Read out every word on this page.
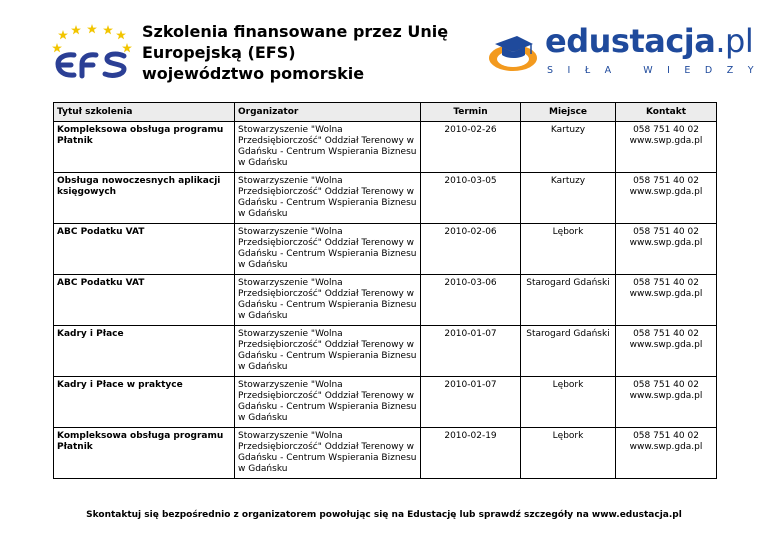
Szkolenia finansowane przez Unię
Europejską (EFS)
województwo pomorskie
edustacja.pl
SIŁA WIEDZY
Tytuł szkolenia	Organizator	Termin	Miejsce	Kontakt
Kompleksowa obsługa programu Płatnik	Stowarzyszenie "Wolna Przedsiębiorczość" Oddział Terenowy w Gdańsku - Centrum Wspierania Biznesu w Gdańsku	2010-02-26	Kartuzy	058 751 40 02
www.swp.gda.pl

Obsługa nowoczesnych aplikacji księgowych	Stowarzyszenie "Wolna Przedsiębiorczość" Oddział Terenowy w Gdańsku - Centrum Wspierania Biznesu w Gdańsku	2010-03-05	Kartuzy	058 751 40 02
www.swp.gda.pl

ABC Podatku VAT	Stowarzyszenie "Wolna Przedsiębiorczość" Oddział Terenowy w Gdańsku - Centrum Wspierania Biznesu w Gdańsku	2010-02-06	Lębork	058 751 40 02
www.swp.gda.pl

ABC Podatku VAT	Stowarzyszenie "Wolna Przedsiębiorczość" Oddział Terenowy w Gdańsku - Centrum Wspierania Biznesu w Gdańsku	2010-03-06	Starogard Gdański	058 751 40 02
www.swp.gda.pl

Kadry i Płace	Stowarzyszenie "Wolna Przedsiębiorczość" Oddział Terenowy w Gdańsku - Centrum Wspierania Biznesu w Gdańsku	2010-01-07	Starogard Gdański	058 751 40 02
www.swp.gda.pl

Kadry i Płace w praktyce	Stowarzyszenie "Wolna Przedsiębiorczość" Oddział Terenowy w Gdańsku - Centrum Wspierania Biznesu w Gdańsku	2010-01-07	Lębork	058 751 40 02
www.swp.gda.pl

Kompleksowa obsługa programu Płatnik	Stowarzyszenie "Wolna Przedsiębiorczość" Oddział Terenowy w Gdańsku - Centrum Wspierania Biznesu w Gdańsku	2010-02-19	Lębork	058 751 40 02
www.swp.gda.pl
Skontaktuj się bezpośrednio z organizatorem powołując się na Edustację lub sprawdź szczegóły na www.edustacja.pl
